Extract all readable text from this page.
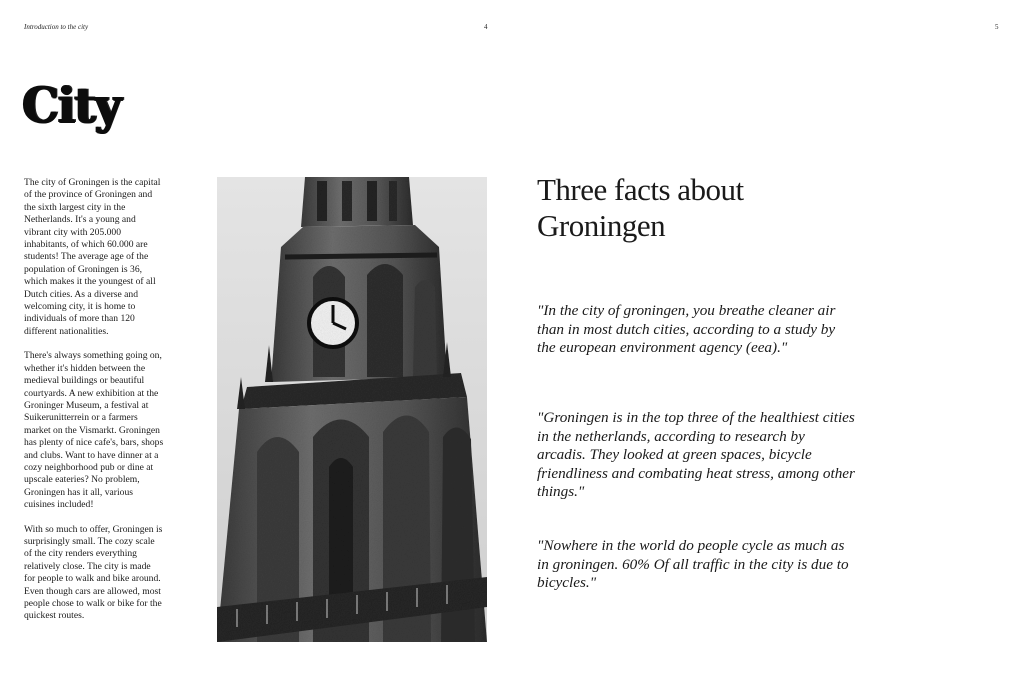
Introduction to the city	4	5
City

The city of Groningen is the capital of the province of Groningen and the sixth largest city in the Netherlands. It's a young and vibrant city with 205.000 inhabitants, of which 60.000 are students! The average age of the population of Groningen is 36, which makes it the youngest of all Dutch cities. As a diverse and welcoming city, it is home to individuals of more than 120 different nationalities.

There's always something going on, whether it's hidden between the medieval buildings or beautiful courtyards. A new exhibition at the Groninger Museum, a festival at Suikerunitterrein or a farmers market on the Vismarkt. Groningen has plenty of nice cafe's, bars, shops and clubs. Want to have dinner at a cozy neighborhood pub or dine at upscale eateries? No problem, Groningen has it all, various cuisines included!

With so much to offer, Groningen is surprisingly small. The cozy scale of the city renders everything relatively close. The city is made for people to walk and bike around. Even though cars are allowed, most people chose to walk or bike for the quickest routes.

Three facts about Groningen

"In the city of groningen, you breathe cleaner air than in most dutch cities, according to a study by the european environment agency (eea)."

"Groningen is in the top three of the healthiest cities in the netherlands, according to research by arcadis. They looked at green spaces, bicycle friendliness and combating heat stress, among other things."

"Nowhere in the world do people cycle as much as in groningen. 60% Of all traffic in the city is due to bicycles."
